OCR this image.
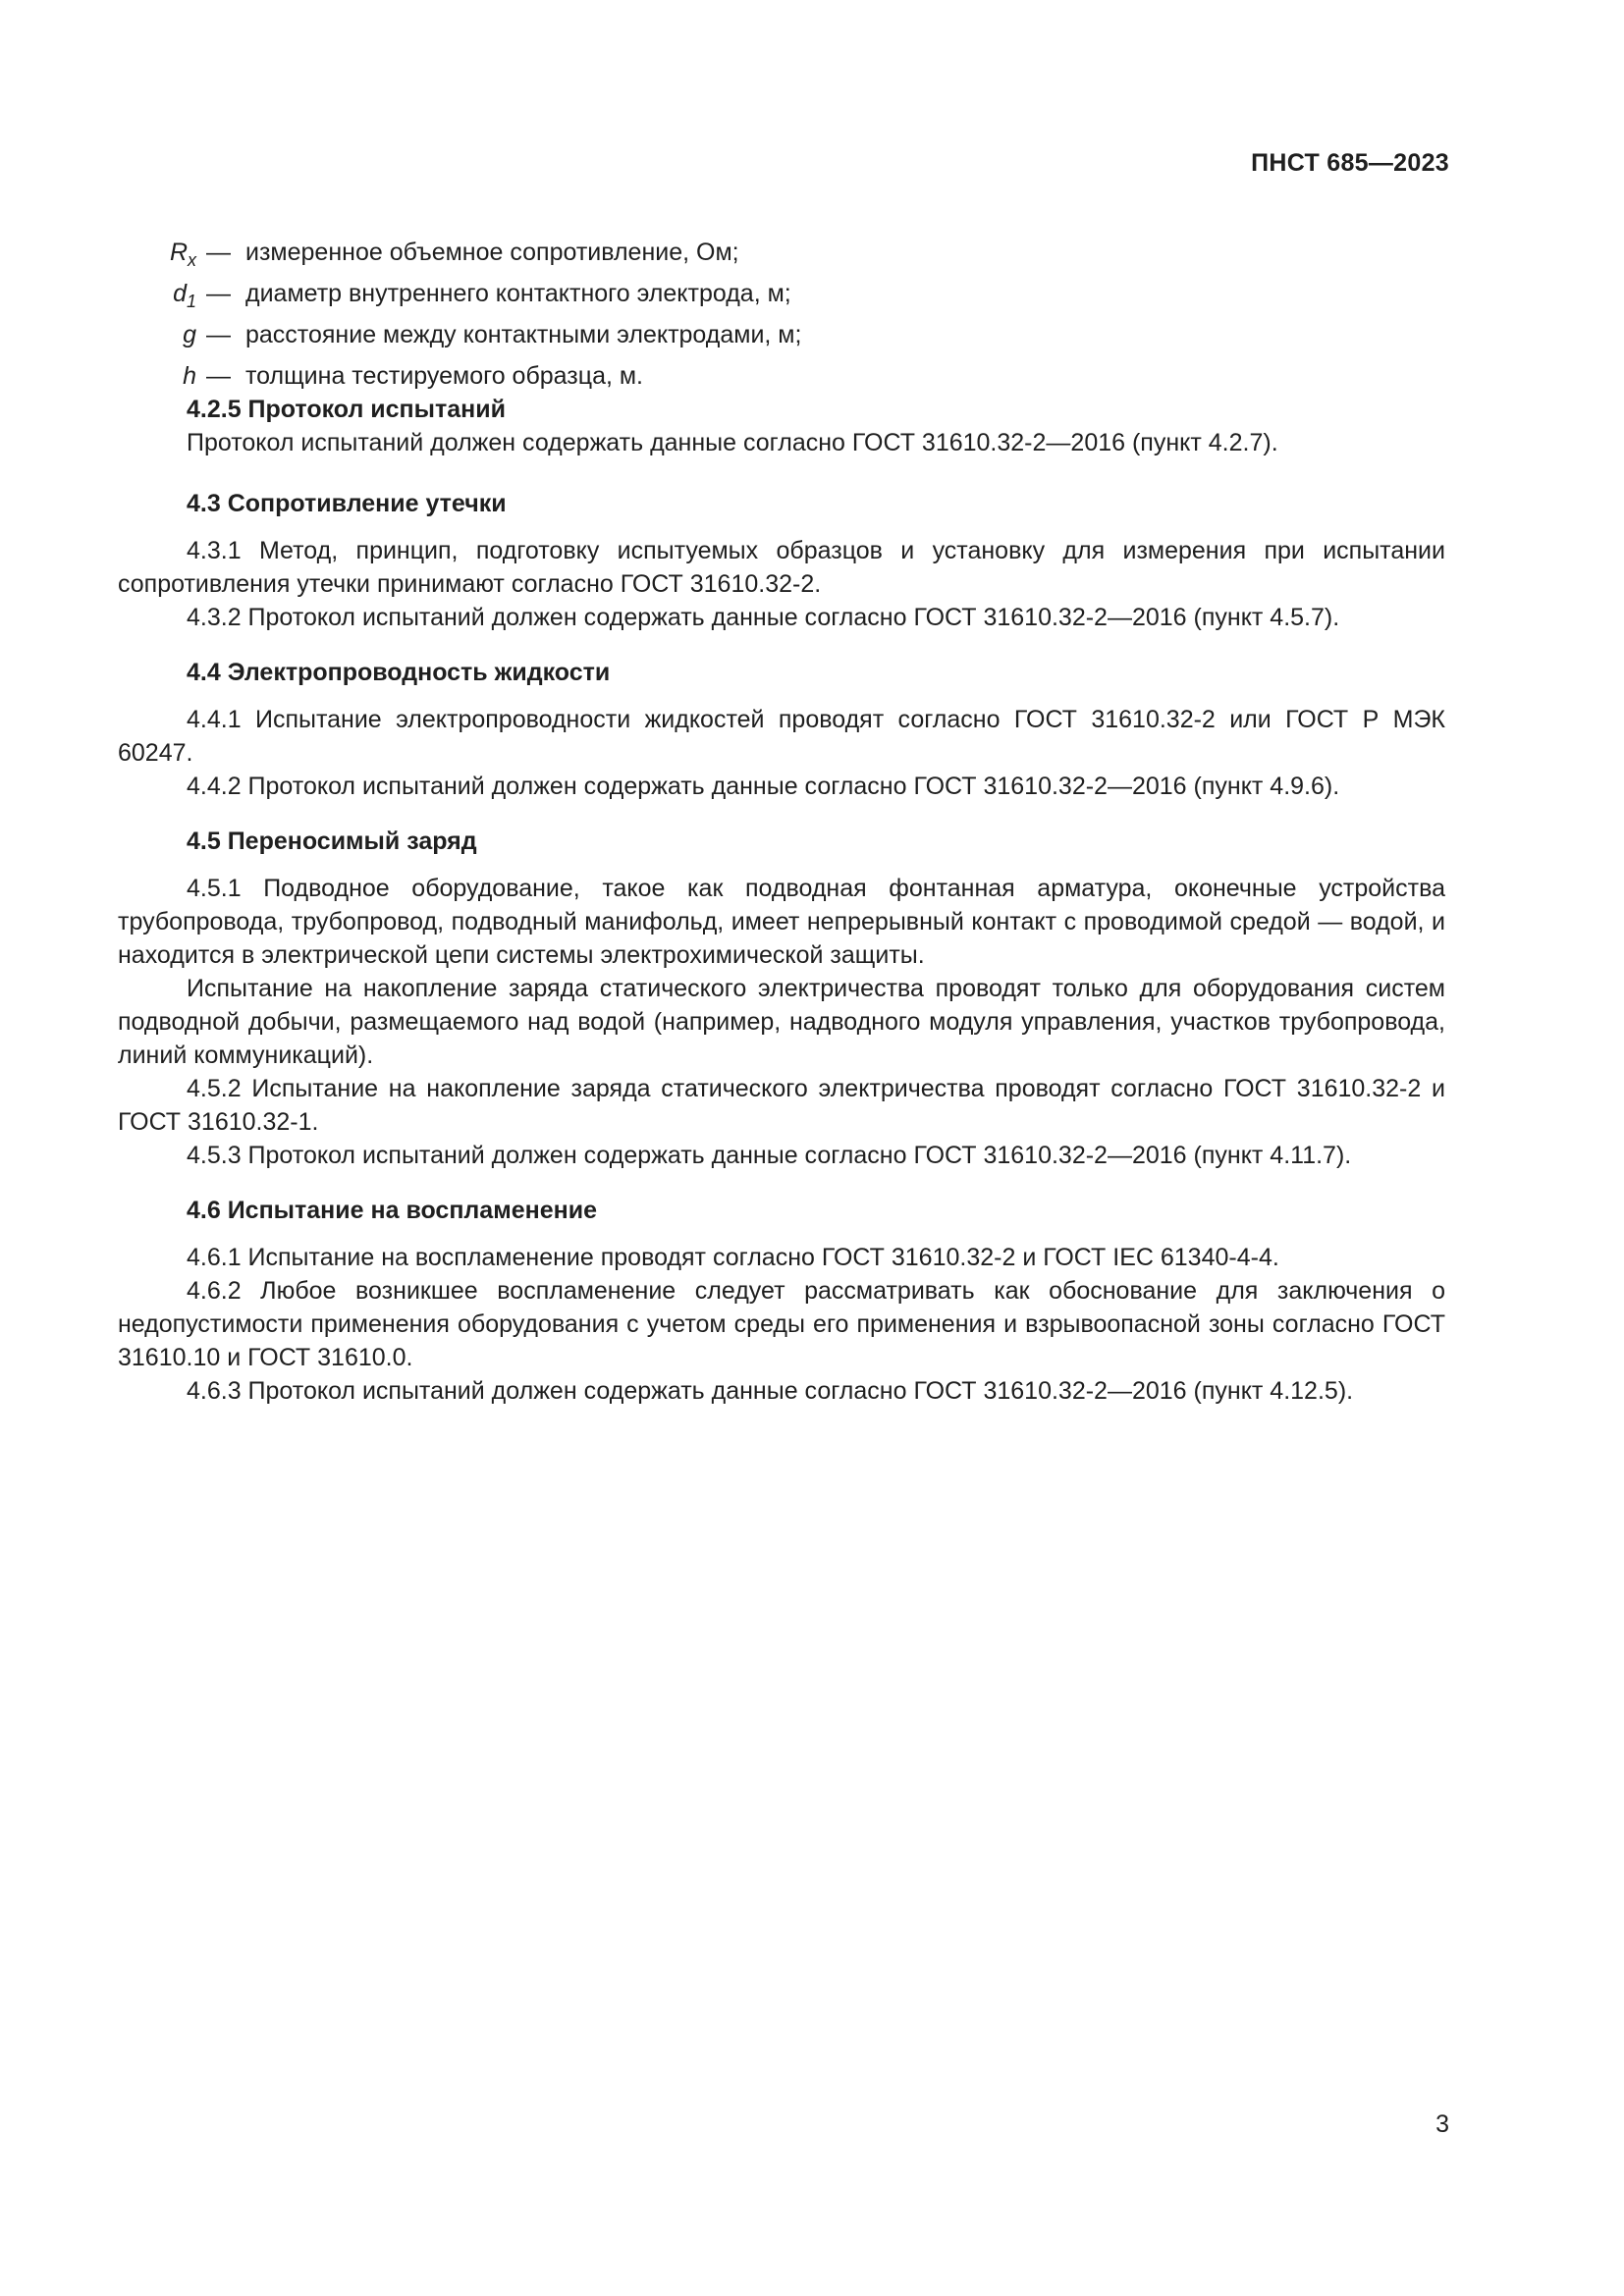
ПНСТ 685—2023
$R_x$ — измеренное объемное сопротивление, Ом;
$d_1$ — диаметр внутреннего контактного электрода, м;
g — расстояние между контактными электродами, м;
h — толщина тестируемого образца, м.
4.2.5 Протокол испытаний

Протокол испытаний должен содержать данные согласно ГОСТ 31610.32-2—2016 (пункт 4.2.7).

4.3 Сопротивление утечки

4.3.1 Метод, принцип, подготовку испытуемых образцов и установку для измерения при испытании сопротивления утечки принимают согласно ГОСТ 31610.32-2.

4.3.2 Протокол испытаний должен содержать данные согласно ГОСТ 31610.32-2—2016 (пункт 4.5.7).

4.4 Электропроводность жидкости

4.4.1 Испытание электропроводности жидкостей проводят согласно ГОСТ 31610.32-2 или ГОСТ Р МЭК 60247.

4.4.2 Протокол испытаний должен содержать данные согласно ГОСТ 31610.32-2—2016 (пункт 4.9.6).

4.5 Переносимый заряд

4.5.1 Подводное оборудование, такое как подводная фонтанная арматура, оконечные устройства трубопровода, трубопровод, подводный манифольд, имеет непрерывный контакт с проводимой средой — водой, и находится в электрической цепи системы электрохимической защиты.

Испытание на накопление заряда статического электричества проводят только для оборудования систем подводной добычи, размещаемого над водой (например, надводного модуля управления, участков трубопровода, линий коммуникаций).

4.5.2 Испытание на накопление заряда статического электричества проводят согласно ГОСТ 31610.32-2 и ГОСТ 31610.32-1.

4.5.3 Протокол испытаний должен содержать данные согласно ГОСТ 31610.32-2—2016 (пункт 4.11.7).

4.6 Испытание на воспламенение

4.6.1 Испытание на воспламенение проводят согласно ГОСТ 31610.32-2 и ГОСТ IEC 61340-4-4.

4.6.2 Любое возникшее воспламенение следует рассматривать как обоснование для заключения о недопустимости применения оборудования с учетом среды его применения и взрывоопасной зоны согласно ГОСТ 31610.10 и ГОСТ 31610.0.

4.6.3 Протокол испытаний должен содержать данные согласно ГОСТ 31610.32-2—2016 (пункт 4.12.5).

3
